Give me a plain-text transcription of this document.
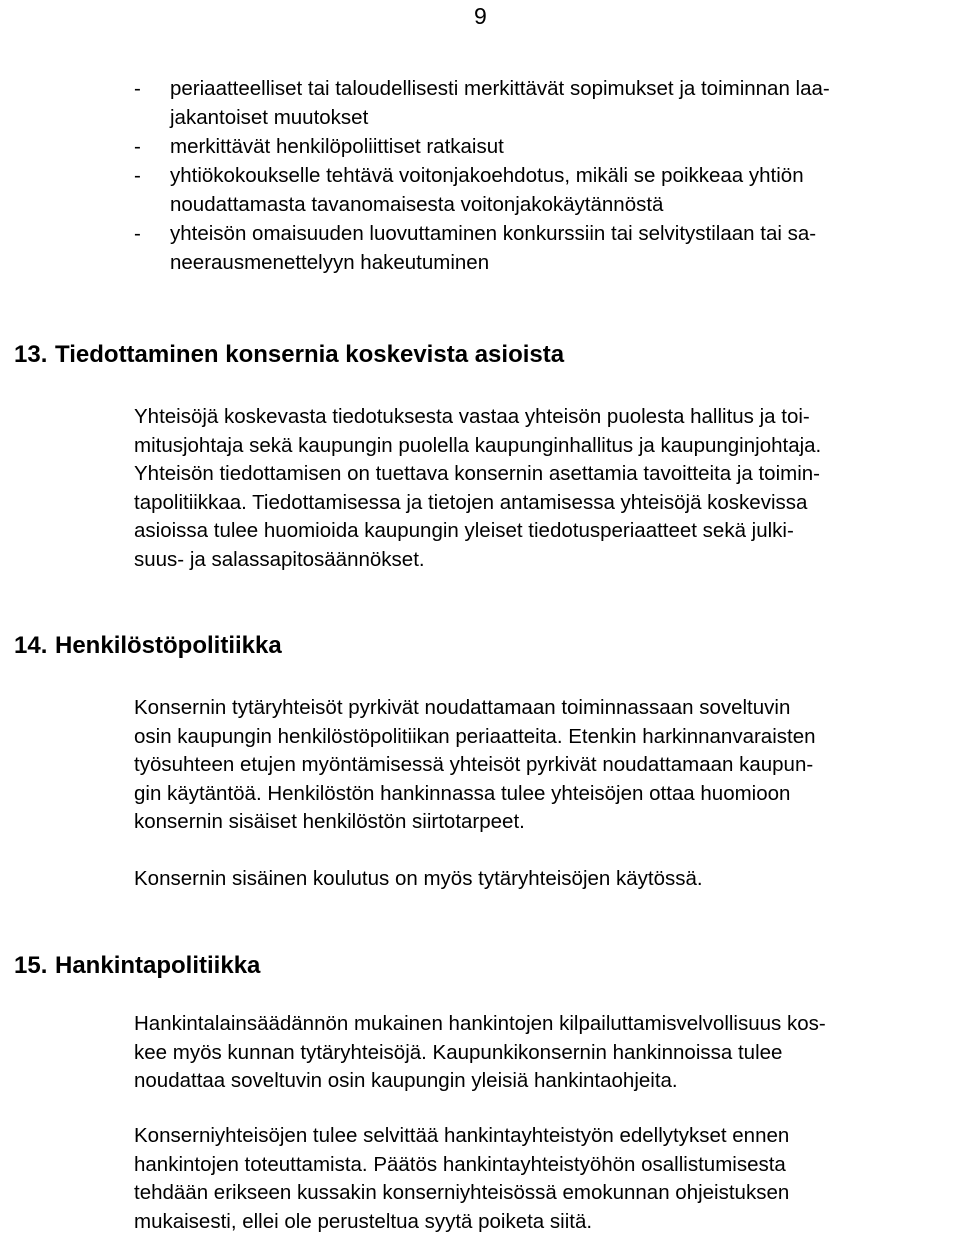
9
- periaatteelliset tai taloudellisesti merkittävät sopimukset ja toiminnan laa-
jakantoiset muutokset
- merkittävät henkilöpoliittiset ratkaisut
- yhtiökokoukselle tehtävä voitonjakoehdotus, mikäli se poikkeaa yhtiön
noudattamasta tavanomaisesta voitonjakokäytännöstä
- yhteisön omaisuuden luovuttaminen konkurssiin tai selvitystilaan tai sa-
neerausmenettelyyn hakeutuminen
13. Tiedottaminen konsernia koskevista asioista
Yhteisöjä koskevasta tiedotuksesta vastaa yhteisön puolesta hallitus ja toi-
mitusjohtaja sekä kaupungin puolella kaupunginhallitus ja kaupunginjohtaja.
Yhteisön tiedottamisen on tuettava konsernin asettamia tavoitteita ja toimin-
tapolitiikkaa. Tiedottamisessa ja tietojen antamisessa yhteisöjä koskevissa
asioissa tulee huomioida kaupungin yleiset tiedotusperiaatteet sekä julki-
suus- ja salassapitosäännökset.
14. Henkilöstöpolitiikka
Konsernin tytäryhteisöt pyrkivät noudattamaan toiminnassaan soveltuvin
osin kaupungin henkilöstöpolitiikan periaatteita. Etenkin harkinnanvaraisten
työsuhteen etujen myöntämisessä yhteisöt pyrkivät noudattamaan kaupun-
gin käytäntöä. Henkilöstön hankinnassa tulee yhteisöjen ottaa huomioon
konsernin sisäiset henkilöstön siirtotarpeet.
Konsernin sisäinen koulutus on myös tytäryhteisöjen käytössä.
15. Hankintapolitiikka
Hankintalainsäädännön mukainen hankintojen kilpailuttamisvelvollisuus kos-
kee myös kunnan tytäryhteisöjä. Kaupunkikonsernin hankinnoissa tulee
noudattaa soveltuvin osin kaupungin yleisiä hankintaohjeita.
Konserniyhteisöjen tulee selvittää hankintayhteistyön edellytykset ennen
hankintojen toteuttamista. Päätös hankintayhteistyöhön osallistumisesta
tehdään erikseen kussakin konserniyhteisössä emokunnan ohjeistuksen
mukaisesti, ellei ole perusteltua syytä poiketa siitä.
